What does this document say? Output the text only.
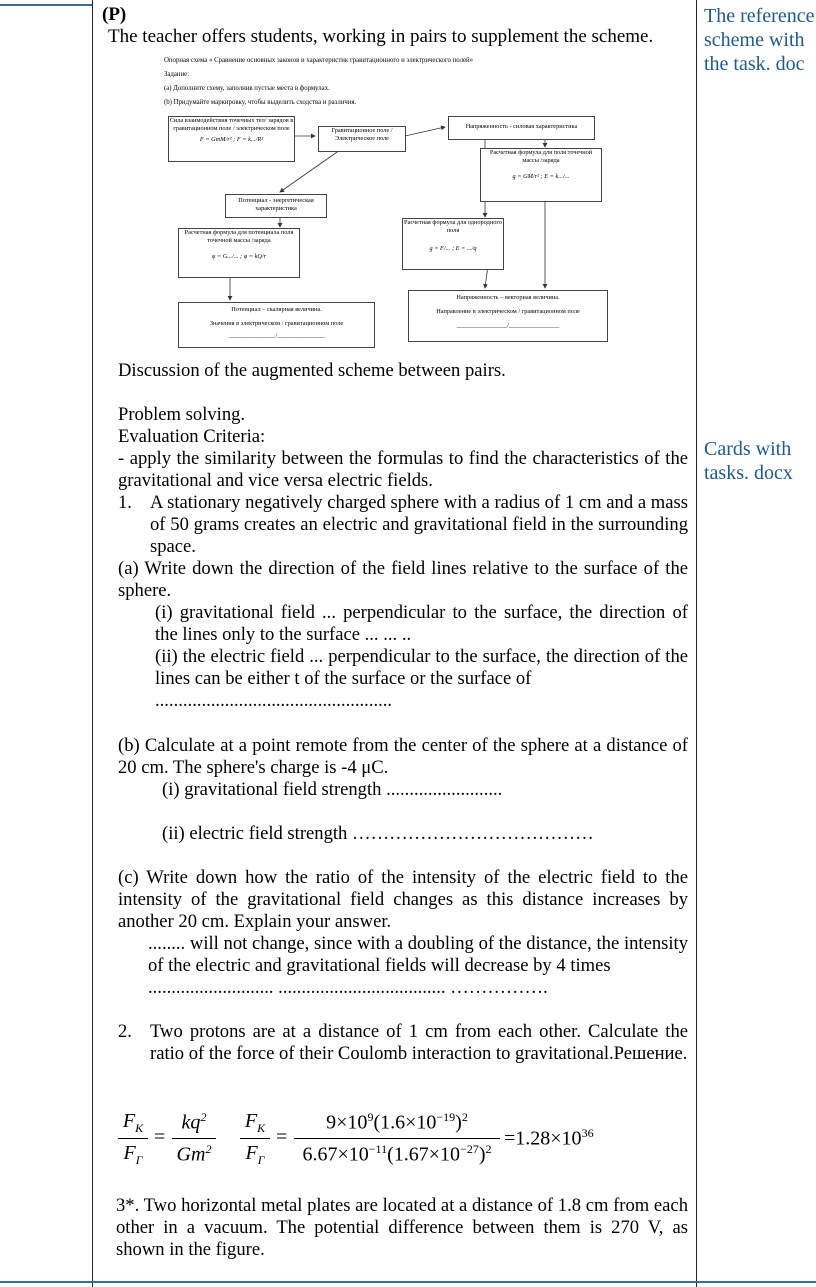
The reference scheme with the task. doc
Cards with tasks. docx
(P)
The teacher offers students, working in pairs to supplement the scheme.
Опорная схема « Сравнение основных законов и характеристик гравитационного и электрического полей»
Задание:
(a) Дополните схему, заполнив пустые места в формулах.
(b) Придумайте маркировку, чтобы выделить сходства и различия.
Сила взаимодействия точечных тел/ зарядов в гравитационном поле / электрическом поле
F = GmM/r² ; F = k.../R²
Гравитационное поле / Электрическое поле
Напряженность - силовая характеристика
Расчетная формула для поля точечной массы /заряда
g = GM/r² ; E = k.../...
Потенциал - энергетическая характеристика
Расчетная формула для потенциала поля точечной массы /заряда
φ = G.../... ; φ = kQ/r
Расчетная формула для однородного поля
g = F/... ; E = .../q
Потенциал – скалярная величина.
Значения в электрическом / гравитационном поле
_______________/_______________
Напряженность – векторная величина.
Направление в электрическом / гравитационном поле
________________/________________
Discussion of the augmented scheme between pairs.
Problem solving.
Evaluation Criteria:
- apply the similarity between the formulas to find the characteristics of the gravitational and vice versa electric fields.
1. A stationary negatively charged sphere with a radius of 1 cm and a mass of 50 grams creates an electric and gravitational field in the surrounding space.
(a) Write down the direction of the field lines relative to the surface of the sphere.
(i) gravitational field ... perpendicular to the surface, the direction of the lines only to the surface ... ... ..
(ii) the electric field ... perpendicular to the surface, the direction of the lines can be either t of the surface or the surface of
...................................................
(b) Calculate at a point remote from the center of the sphere at a distance of 20 cm. The sphere's charge is -4 μC.
(i) gravitational field strength .........................
(ii) electric field strength …………………………………
(c) Write down how the ratio of the intensity of the electric field to the intensity of the gravitational field changes as this distance increases by another 20 cm. Explain your answer.
........ will not change, since with a doubling of the distance, the intensity of the electric and gravitational fields will decrease by 4 times
........................... .................................... …………….
2. Two protons are at a distance of 1 cm from each other. Calculate the ratio of the force of their Coulomb interaction to gravitational.Решение.
$F_K$
$F_Г$
=
$kq^2$
Gm$^2$
$F_K$
$F_Г$
=
$9\times 10^9(1.6\times 10^{-19})^2$
$6.67\times 10^{-11}(1.67\times 10^{-27})^2 =1.28\times 10^{36}$
3*. Two horizontal metal plates are located at a distance of 1.8 cm from each other in a vacuum. The potential difference between them is 270 V, as shown in the figure.
